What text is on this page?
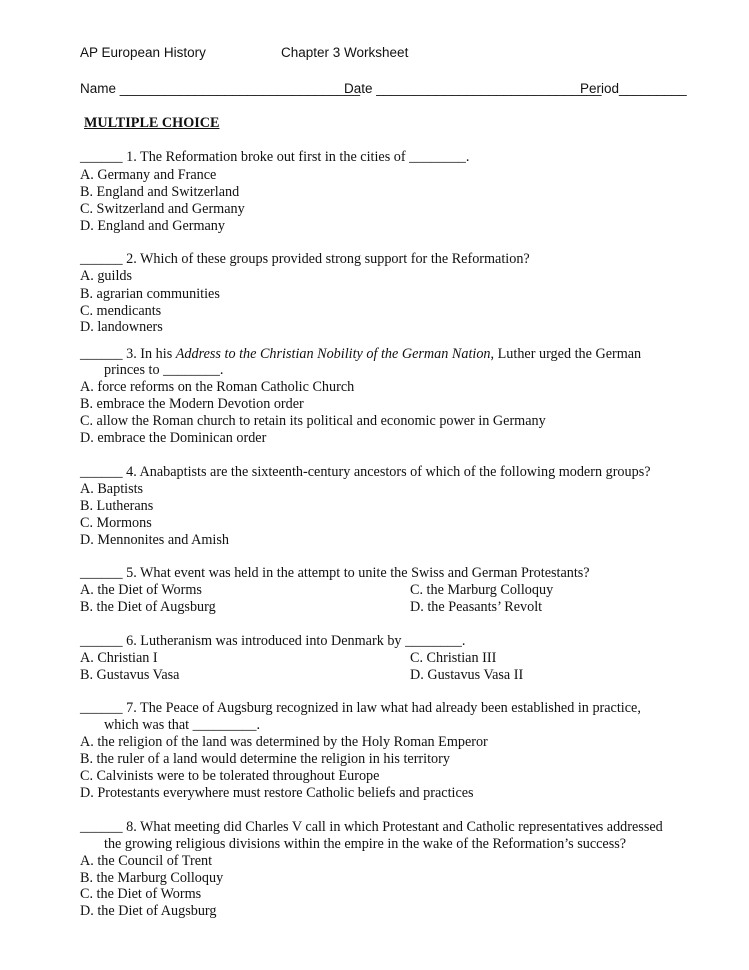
AP European History	Chapter 3 Worksheet
Name ________________________________
Date ______________________________
Period_________
MULTIPLE CHOICE
______ 1. The Reformation broke out first in the cities of ________.
A. Germany and France
B. England and Switzerland
C. Switzerland and Germany
D. England and Germany
______ 2. Which of these groups provided strong support for the Reformation?
A. guilds
B. agrarian communities
C. mendicants
D. landowners
______ 3. In his Address to the Christian Nobility of the German Nation, Luther urged the German
princes to ________.
A. force reforms on the Roman Catholic Church
B. embrace the Modern Devotion order
C. allow the Roman church to retain its political and economic power in Germany
D. embrace the Dominican order
______ 4. Anabaptists are the sixteenth-century ancestors of which of the following modern groups?
A. Baptists
B. Lutherans
C. Mormons
D. Mennonites and Amish
______ 5. What event was held in the attempt to unite the Swiss and German Protestants?
A. the Diet of Worms	C. the Marburg Colloquy
B. the Diet of Augsburg	D. the Peasants’ Revolt
______ 6. Lutheranism was introduced into Denmark by ________.
A. Christian I	C. Christian III
B. Gustavus Vasa	D. Gustavus Vasa II
______ 7. The Peace of Augsburg recognized in law what had already been established in practice,
which was that _________.
A. the religion of the land was determined by the Holy Roman Emperor
B. the ruler of a land would determine the religion in his territory
C. Calvinists were to be tolerated throughout Europe
D. Protestants everywhere must restore Catholic beliefs and practices
______ 8. What meeting did Charles V call in which Protestant and Catholic representatives addressed
the growing religious divisions within the empire in the wake of the Reformation’s success?
A. the Council of Trent
B. the Marburg Colloquy
C. the Diet of Worms
D. the Diet of Augsburg
